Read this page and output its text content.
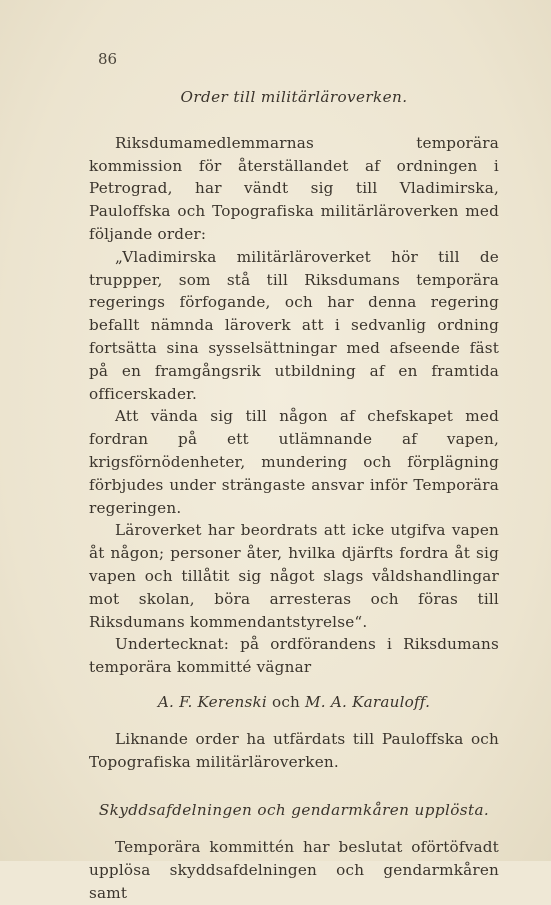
86
Order till militärläroverken.

Riksdumamedlemmarnas temporära kommission för återställandet af ordningen i Petrograd, har vändt sig till Vladimirska, Pauloffska och Topografiska militärläroverken med följande order:

„Vladimirska militärläroverket hör till de truppper, som stå till Riksdumans temporära regerings förfogande, och har denna regering befallt nämnda läroverk att i sedvanlig ordning fortsätta sina sysselsättningar med afseende fäst på en framgångsrik utbildning af en framtida officerskader.

Att vända sig till någon af chefskapet med fordran på ett utlämnande af vapen, krigsförnödenheter, mundering och förplägning förbjudes under strängaste ansvar inför Temporära regeringen.

Läroverket har beordrats att icke utgifva vapen åt någon; personer åter, hvilka djärfts fordra åt sig vapen och tillåtit sig något slags våldshandlingar mot skolan, böra arresteras och föras till Riksdumans kommendantstyrelse“.

Undertecknat: på ordförandens i Riksdumans temporära kommitté vägnar

A. F. Kerenski och M. A. Karauloff.

Liknande order ha utfärdats till Pauloffska och Topografiska militärläroverken.

Skyddsafdelningen och gendarmkåren upplösta.

Temporära kommittén har beslutat oförtöfvadt upplösa skyddsafdelningen och gendarmkåren samt
